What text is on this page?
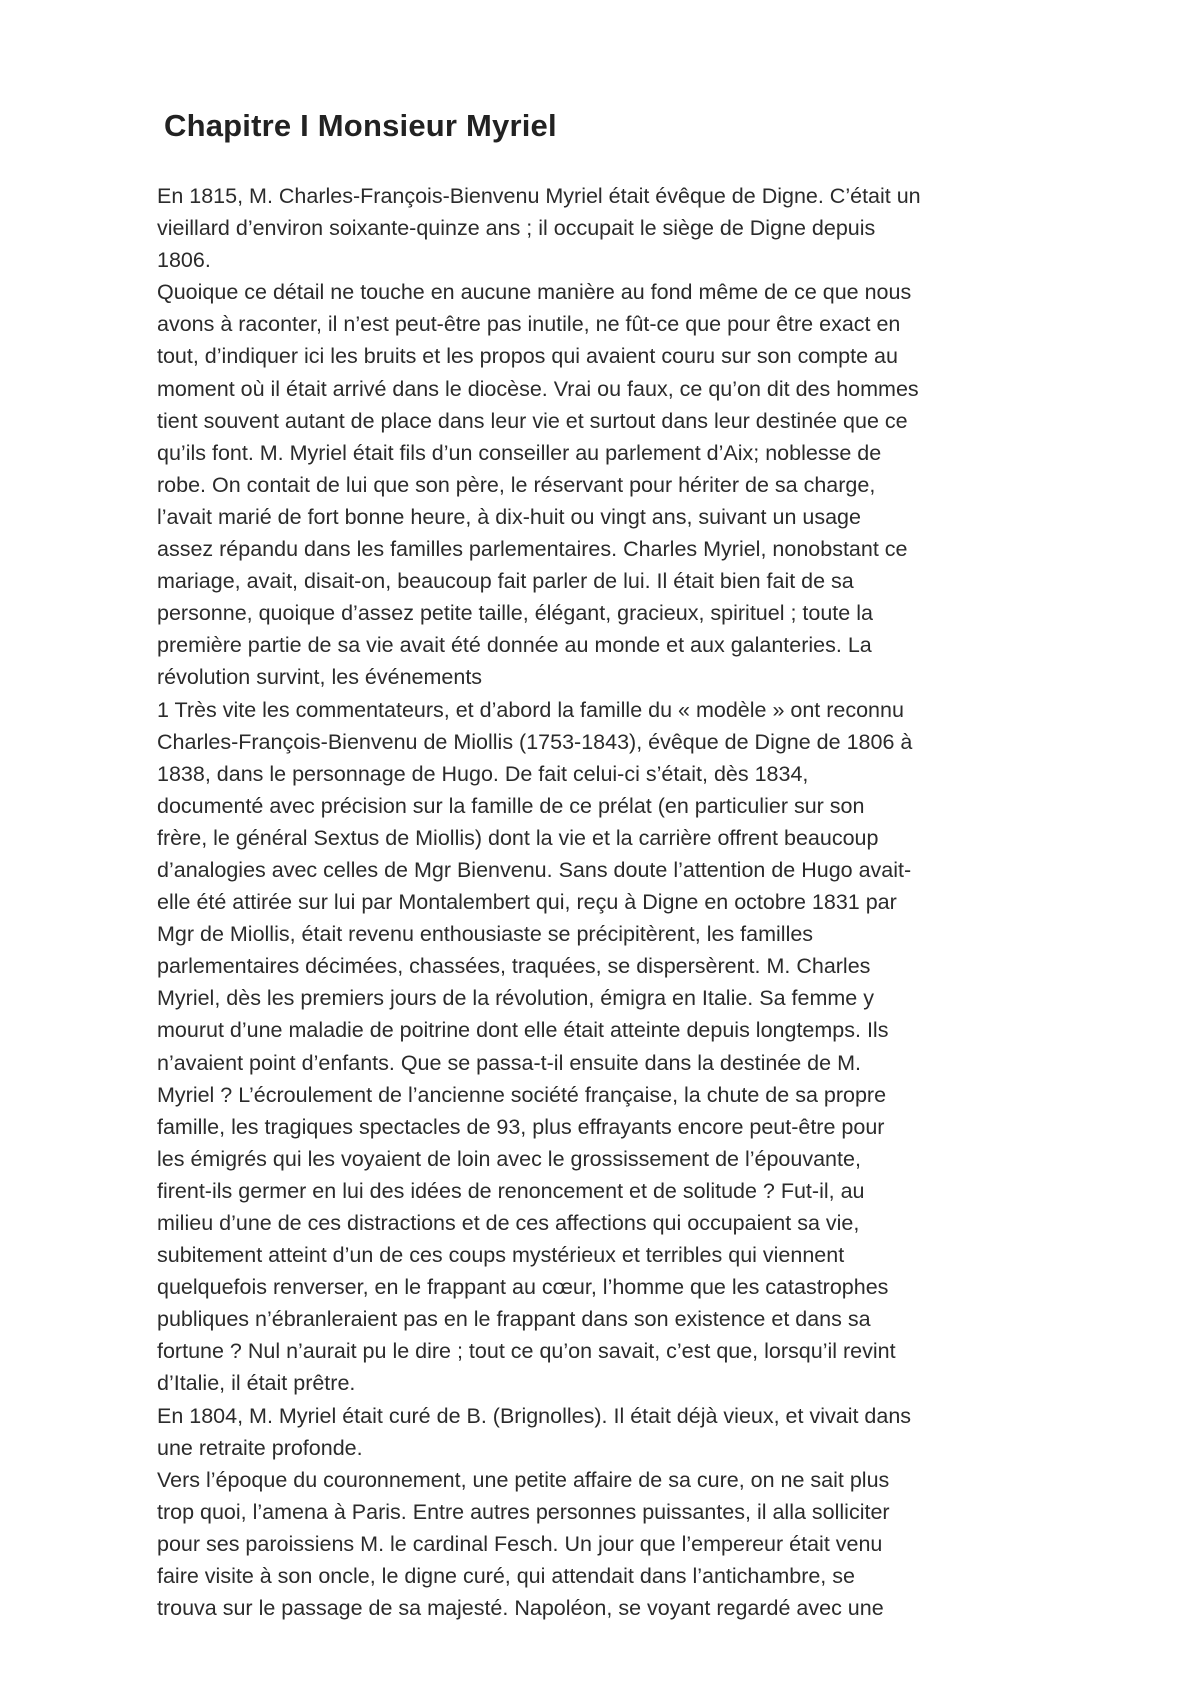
Chapitre I Monsieur Myriel
En 1815, M. Charles-François-Bienvenu Myriel était évêque de Digne. C’était un
vieillard d’environ soixante-quinze ans ; il occupait le siège de Digne depuis
1806.
Quoique ce détail ne touche en aucune manière au fond même de ce que nous
avons à raconter, il n’est peut-être pas inutile, ne fût-ce que pour être exact en
tout, d’indiquer ici les bruits et les propos qui avaient couru sur son compte au
moment où il était arrivé dans le diocèse. Vrai ou faux, ce qu’on dit des hommes
tient souvent autant de place dans leur vie et surtout dans leur destinée que ce
qu’ils font. M. Myriel était fils d’un conseiller au parlement d’Aix; noblesse de
robe. On contait de lui que son père, le réservant pour hériter de sa charge,
l’avait marié de fort bonne heure, à dix-huit ou vingt ans, suivant un usage
assez répandu dans les familles parlementaires. Charles Myriel, nonobstant ce
mariage, avait, disait-on, beaucoup fait parler de lui. Il était bien fait de sa
personne, quoique d’assez petite taille, élégant, gracieux, spirituel ; toute la
première partie de sa vie avait été donnée au monde et aux galanteries. La
révolution survint, les événements
1 Très vite les commentateurs, et d’abord la famille du « modèle » ont reconnu
Charles-François-Bienvenu de Miollis (1753-1843), évêque de Digne de 1806 à
1838, dans le personnage de Hugo. De fait celui-ci s’était, dès 1834,
documenté avec précision sur la famille de ce prélat (en particulier sur son
frère, le général Sextus de Miollis) dont la vie et la carrière offrent beaucoup
d’analogies avec celles de Mgr Bienvenu. Sans doute l’attention de Hugo avait-
elle été attirée sur lui par Montalembert qui, reçu à Digne en octobre 1831 par
Mgr de Miollis, était revenu enthousiaste se précipitèrent, les familles
parlementaires décimées, chassées, traquées, se dispersèrent. M. Charles
Myriel, dès les premiers jours de la révolution, émigra en Italie. Sa femme y
mourut d’une maladie de poitrine dont elle était atteinte depuis longtemps. Ils
n’avaient point d’enfants. Que se passa-t-il ensuite dans la destinée de M.
Myriel ? L’écroulement de l’ancienne société française, la chute de sa propre
famille, les tragiques spectacles de 93, plus effrayants encore peut-être pour
les émigrés qui les voyaient de loin avec le grossissement de l’épouvante,
firent-ils germer en lui des idées de renoncement et de solitude ? Fut-il, au
milieu d’une de ces distractions et de ces affections qui occupaient sa vie,
subitement atteint d’un de ces coups mystérieux et terribles qui viennent
quelquefois renverser, en le frappant au cœur, l’homme que les catastrophes
publiques n’ébranleraient pas en le frappant dans son existence et dans sa
fortune ? Nul n’aurait pu le dire ; tout ce qu’on savait, c’est que, lorsqu’il revint
d’Italie, il était prêtre.
En 1804, M. Myriel était curé de B. (Brignolles). Il était déjà vieux, et vivait dans
une retraite profonde.
Vers l’époque du couronnement, une petite affaire de sa cure, on ne sait plus
trop quoi, l’amena à Paris. Entre autres personnes puissantes, il alla solliciter
pour ses paroissiens M. le cardinal Fesch. Un jour que l’empereur était venu
faire visite à son oncle, le digne curé, qui attendait dans l’antichambre, se
trouva sur le passage de sa majesté. Napoléon, se voyant regardé avec une
